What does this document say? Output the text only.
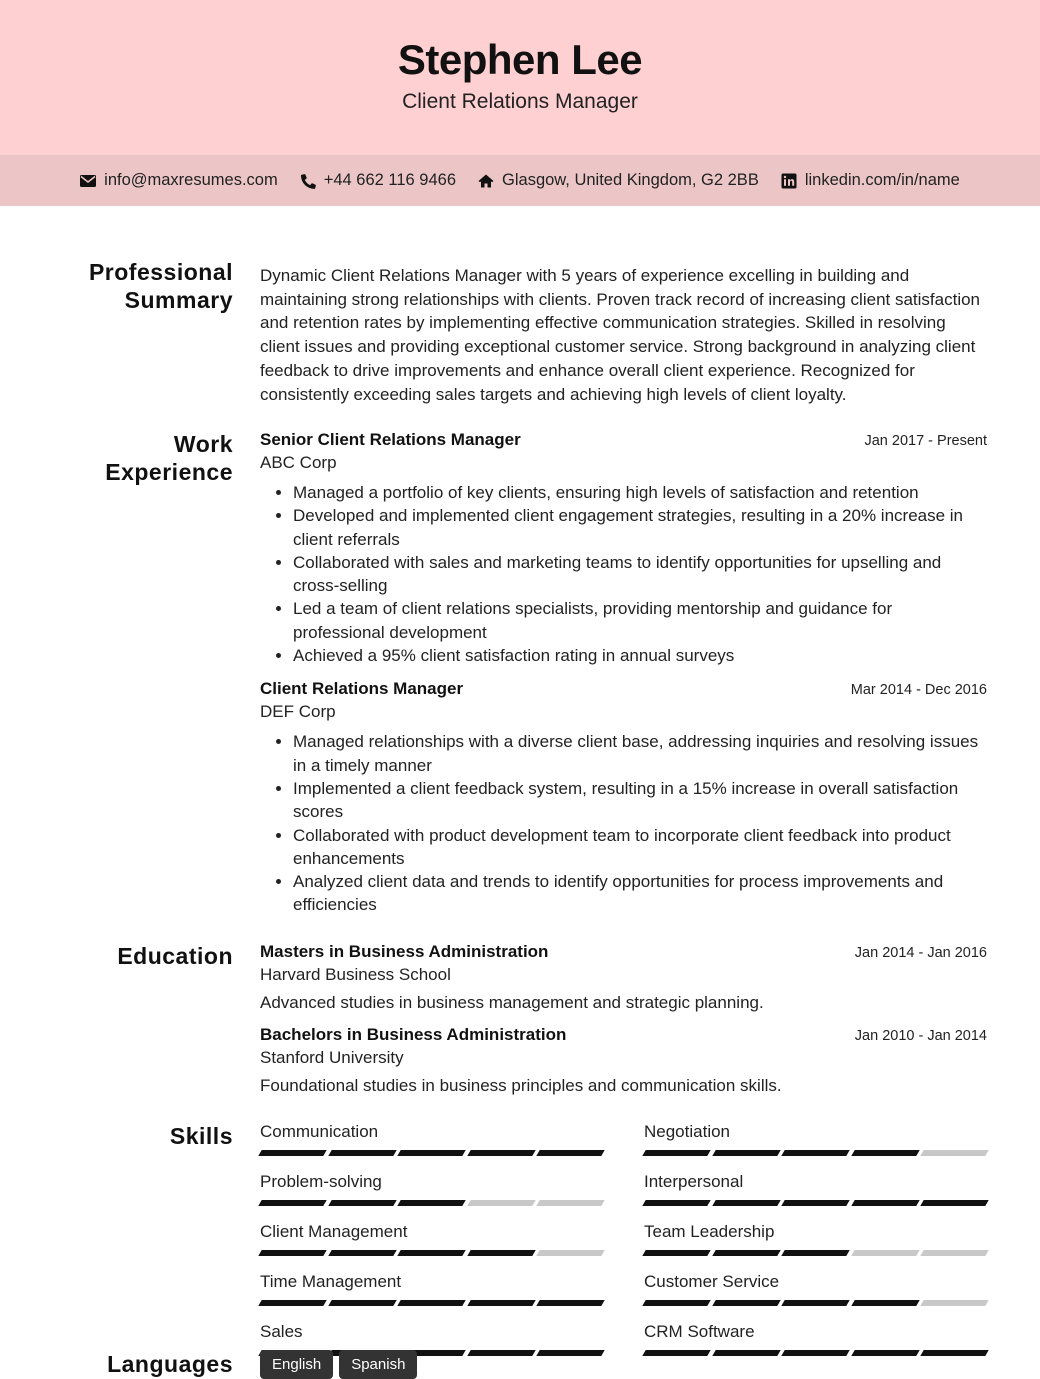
Stephen Lee
Client Relations Manager
info@maxresumes.com	+44 662 116 9466	Glasgow, United Kingdom, G2 2BB	linkedin.com/in/name
Professional
Summary
Dynamic Client Relations Manager with 5 years of experience excelling in building and maintaining strong relationships with clients. Proven track record of increasing client satisfaction and retention rates by implementing effective communication strategies. Skilled in resolving client issues and providing exceptional customer service. Strong background in analyzing client feedback to drive improvements and enhance overall client experience. Recognized for consistently exceeding sales targets and achieving high levels of client loyalty.
Work
Experience
Senior Client Relations Manager	Jan 2017 - Present
ABC Corp
• Managed a portfolio of key clients, ensuring high levels of satisfaction and retention
• Developed and implemented client engagement strategies, resulting in a 20% increase in client referrals
• Collaborated with sales and marketing teams to identify opportunities for upselling and cross-selling
• Led a team of client relations specialists, providing mentorship and guidance for professional development
• Achieved a 95% client satisfaction rating in annual surveys
Client Relations Manager	Mar 2014 - Dec 2016
DEF Corp
• Managed relationships with a diverse client base, addressing inquiries and resolving issues in a timely manner
• Implemented a client feedback system, resulting in a 15% increase in overall satisfaction scores
• Collaborated with product development team to incorporate client feedback into product enhancements
• Analyzed client data and trends to identify opportunities for process improvements and efficiencies
Education Masters in Business Administration	Jan 2014 - Jan 2016
Harvard Business School
Advanced studies in business management and strategic planning.
Bachelors in Business Administration	Jan 2010 - Jan 2014
Stanford University
Foundational studies in business principles and communication skills.
Skills Communication	Negotiation
Problem-solving	Interpersonal
Client Management	Team Leadership
Time Management	Customer Service
Sales	CRM Software
Languages	English Spanish
